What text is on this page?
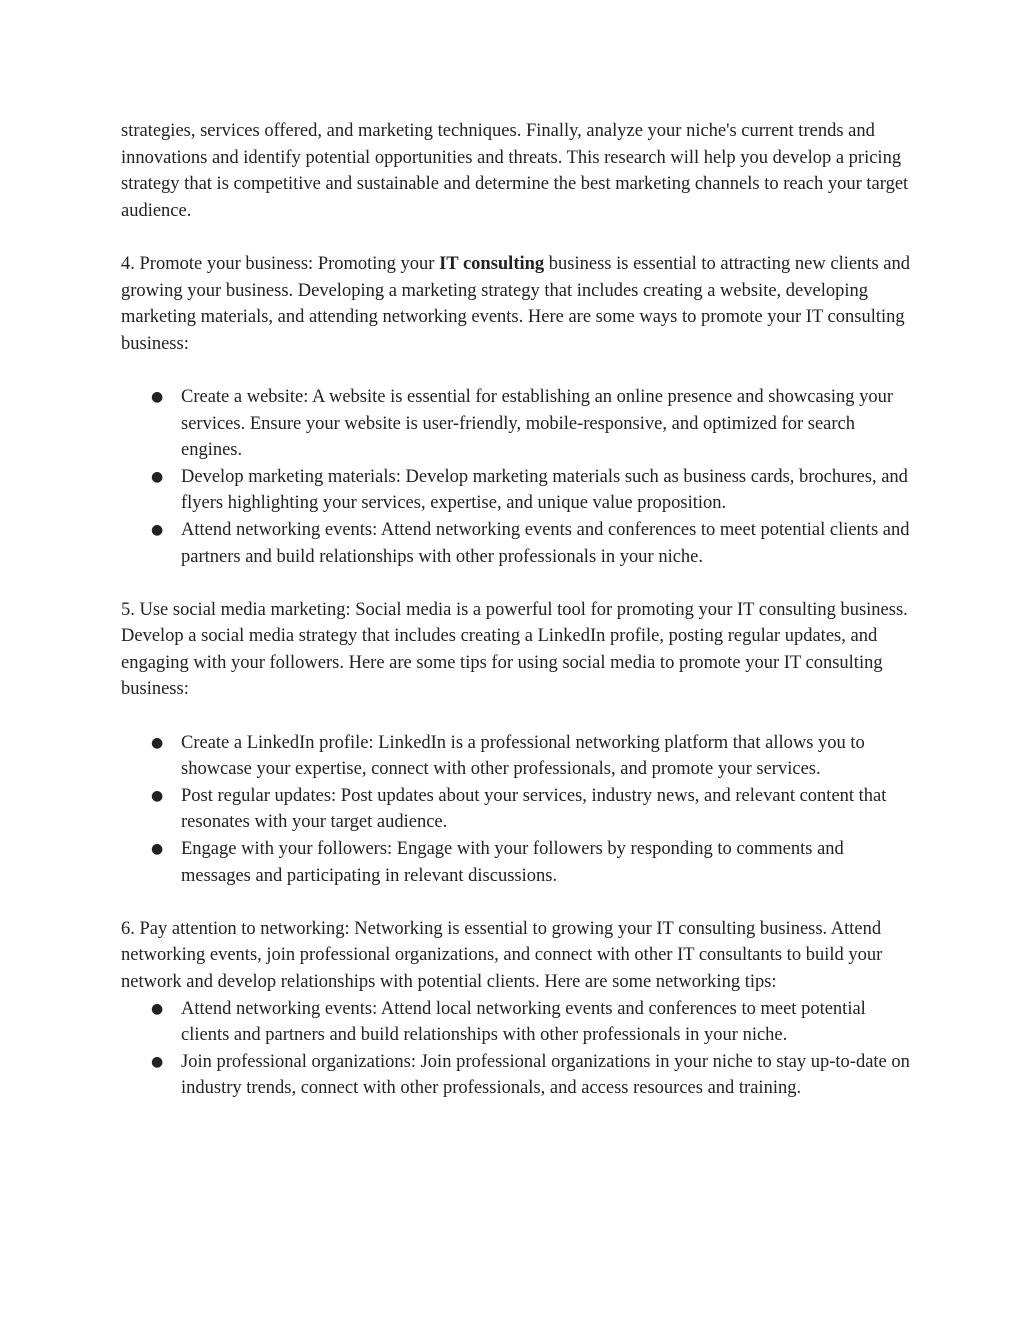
strategies, services offered, and marketing techniques. Finally, analyze your niche's current trends and innovations and identify potential opportunities and threats. This research will help you develop a pricing strategy that is competitive and sustainable and determine the best marketing channels to reach your target audience.

4. Promote your business: Promoting your IT consulting business is essential to attracting new clients and growing your business. Developing a marketing strategy that includes creating a website, developing marketing materials, and attending networking events. Here are some ways to promote your IT consulting business:

● Create a website: A website is essential for establishing an online presence and showcasing your services. Ensure your website is user-friendly, mobile-responsive, and optimized for search engines.
● Develop marketing materials: Develop marketing materials such as business cards, brochures, and flyers highlighting your services, expertise, and unique value proposition.
● Attend networking events: Attend networking events and conferences to meet potential clients and partners and build relationships with other professionals in your niche.

5. Use social media marketing: Social media is a powerful tool for promoting your IT consulting business. Develop a social media strategy that includes creating a LinkedIn profile, posting regular updates, and engaging with your followers. Here are some tips for using social media to promote your IT consulting business:

● Create a LinkedIn profile: LinkedIn is a professional networking platform that allows you to showcase your expertise, connect with other professionals, and promote your services.
● Post regular updates: Post updates about your services, industry news, and relevant content that resonates with your target audience.
● Engage with your followers: Engage with your followers by responding to comments and messages and participating in relevant discussions.

6. Pay attention to networking: Networking is essential to growing your IT consulting business. Attend networking events, join professional organizations, and connect with other IT consultants to build your network and develop relationships with potential clients. Here are some networking tips:

● Attend networking events: Attend local networking events and conferences to meet potential clients and partners and build relationships with other professionals in your niche.
● Join professional organizations: Join professional organizations in your niche to stay up-to-date on industry trends, connect with other professionals, and access resources and training.
